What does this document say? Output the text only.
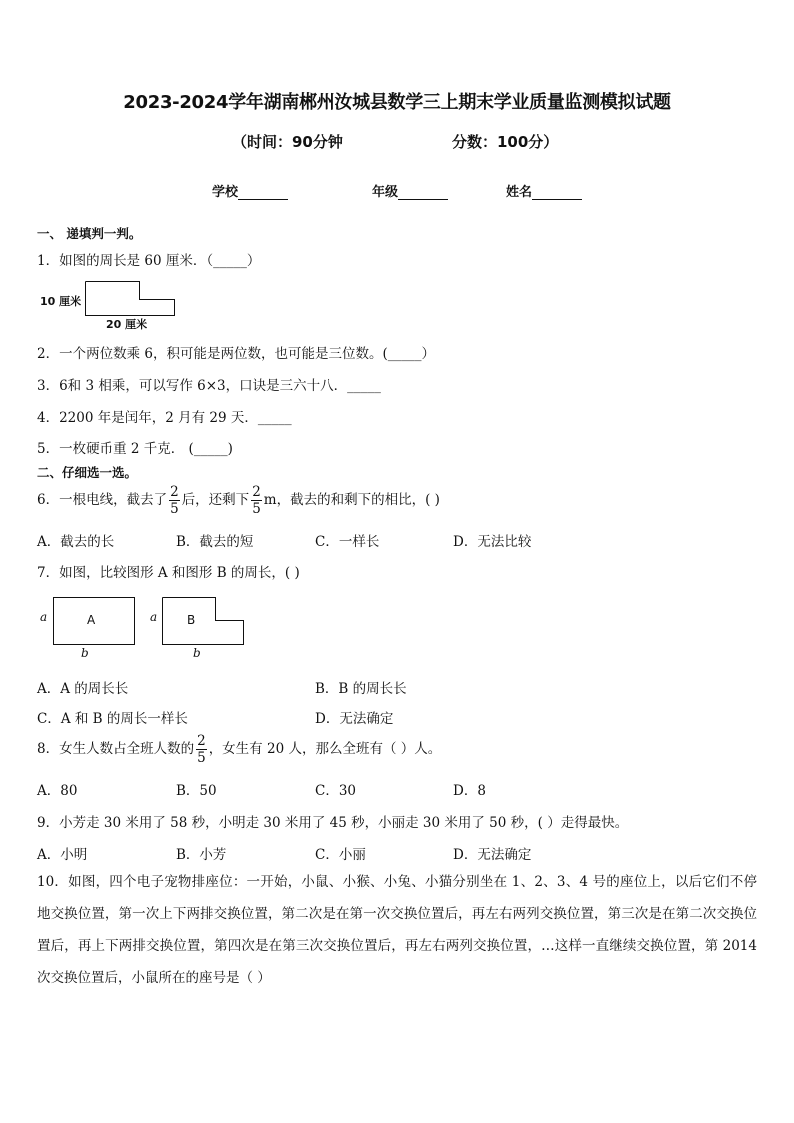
2023-2024学年湖南郴州汝城县数学三上期末学业质量监测模拟试题
（时间：90分钟	分数：100分）
学校	年级	姓名
一、 递填判一判。
1．如图的周长是 60 厘米．（_____）
10 厘米
20 厘米
2．一个两位数乘 6，积可能是两位数，也可能是三位数。(_____）
3．6和 3 相乘，可以写作 6×3，口诀是三六十八．_____
4．2200 年是闰年，2 月有 29 天．_____
5．一枚硬币重 2 千克． (_____)
二、仔细选一选。
6．一根电线，截去了 $\frac{2}{5}$ 后，还剩下 $\frac{2}{5}$ m，截去的和剩下的相比，( )
A．截去的长	B．截去的短	C．一样长	D．无法比较
7．如图，比较图形 A 和图形 B 的周长，( )
a	A
b
a B
b
A．A 的周长长	B．B 的周长长
C．A 和 B 的周长一样长	D．无法确定
8．女生人数占全班人数的 $\frac{2}{5}$ ，女生有 20 人，那么全班有（ ）人。
A．80	B．50	C．30	D．8
9．小芳走 30 米用了 58 秒，小明走 30 米用了 45 秒，小丽走 30 米用了 50 秒，( ）走得最快。
A．小明	B．小芳	C．小丽	D．无法确定
10．如图，四个电子宠物排座位：一开始，小鼠、小猴、小兔、小猫分别坐在 1、2、3、4 号的座位上，以后它们不停地交换位置，第一次上下两排交换位置，第二次是在第一次交换位置后，再左右两列交换位置，第三次是在第二次交换位置后，再上下两排交换位置，第四次是在第三次交换位置后，再左右两列交换位置，…这样一直继续交换位置，第 2014 次交换位置后，小鼠所在的座号是（ ）
